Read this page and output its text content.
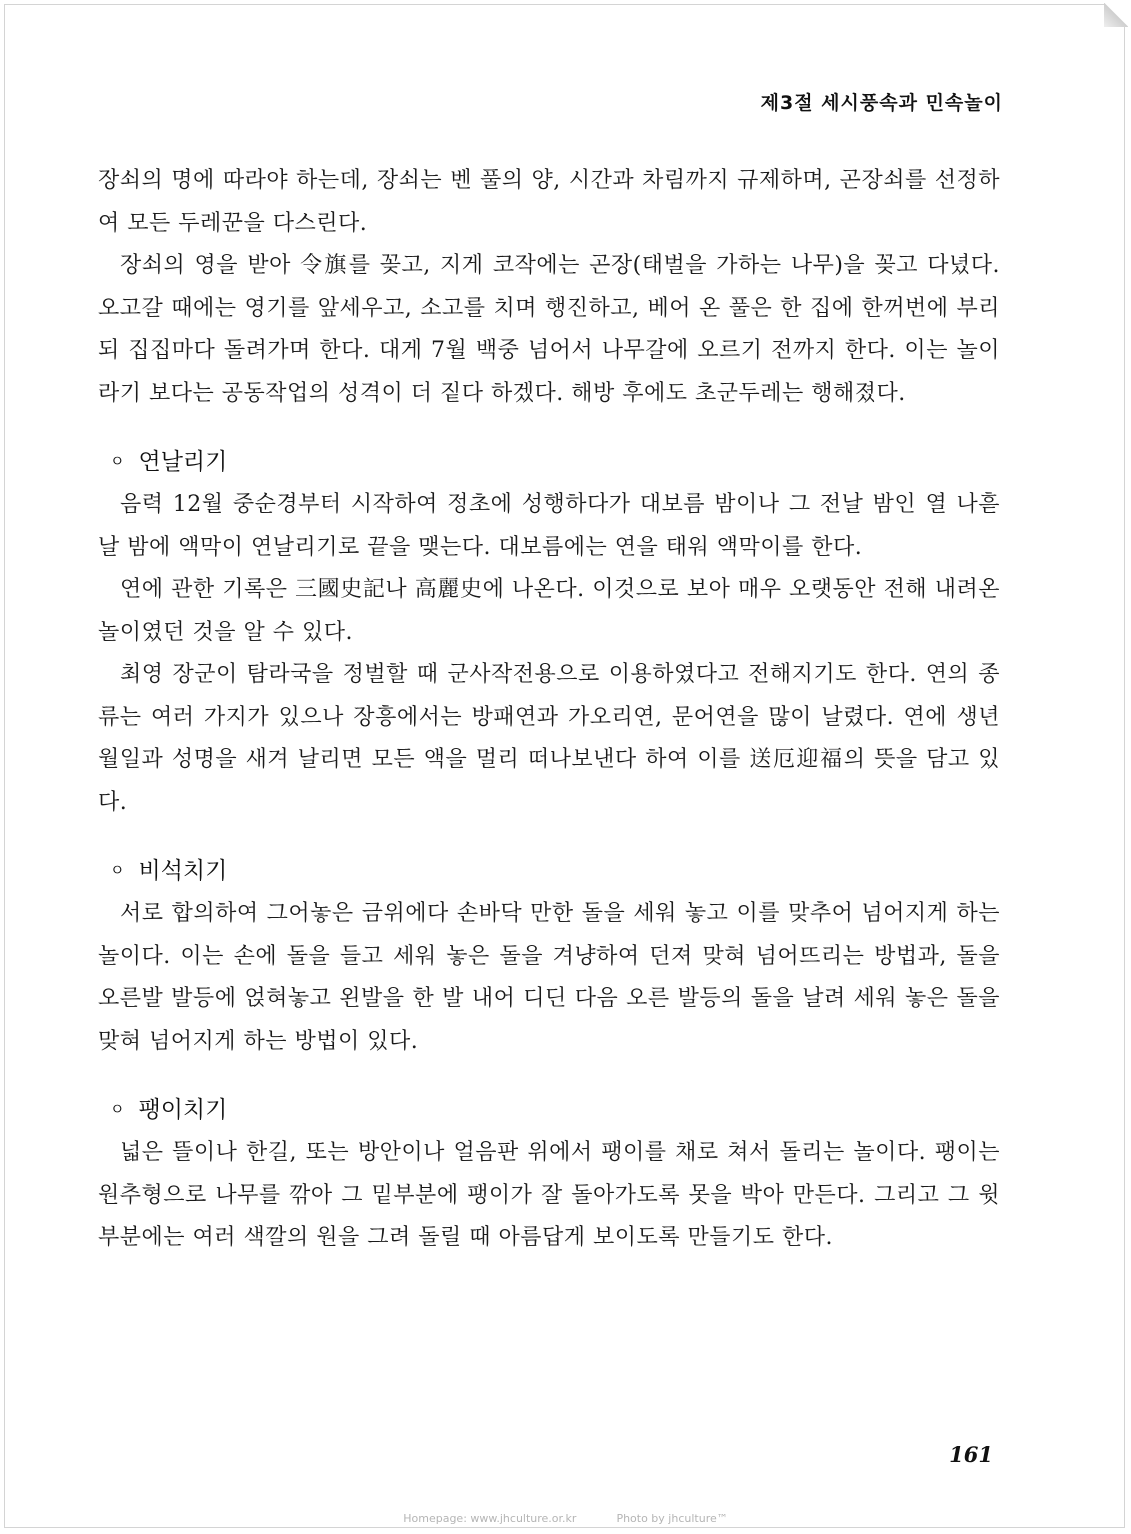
제3절 세시풍속과 민속놀이

장쇠의 명에 따라야 하는데, 장쇠는 벤 풀의 양, 시간과 차림까지 규제하며, 곤장쇠를 선정하여 모든 두레꾼을 다스린다.

장쇠의 영을 받아 令旗를 꽂고, 지게 코작에는 곤장(태벌을 가하는 나무)을 꽂고 다녔다. 오고갈 때에는 영기를 앞세우고, 소고를 치며 행진하고, 베어 온 풀은 한 집에 한꺼번에 부리되 집집마다 돌려가며 한다. 대게 7월 백중 넘어서 나무갈에 오르기 전까지 한다. 이는 놀이라기 보다는 공동작업의 성격이 더 짙다 하겠다. 해방 후에도 초군두레는 행해졌다.

ㅇ 연날리기

음력 12월 중순경부터 시작하여 정초에 성행하다가 대보름 밤이나 그 전날 밤인 열 나흗날 밤에 액막이 연날리기로 끝을 맺는다. 대보름에는 연을 태워 액막이를 한다.

연에 관한 기록은 三國史記나 高麗史에 나온다. 이것으로 보아 매우 오랫동안 전해 내려온 놀이였던 것을 알 수 있다.

최영 장군이 탐라국을 정벌할 때 군사작전용으로 이용하였다고 전해지기도 한다. 연의 종류는 여러 가지가 있으나 장흥에서는 방패연과 가오리연, 문어연을 많이 날렸다. 연에 생년월일과 성명을 새겨 날리면 모든 액을 멀리 떠나보낸다 하여 이를 送厄迎福의 뜻을 담고 있다.

ㅇ 비석치기

서로 합의하여 그어놓은 금위에다 손바닥 만한 돌을 세워 놓고 이를 맞추어 넘어지게 하는 놀이다. 이는 손에 돌을 들고 세워 놓은 돌을 겨냥하여 던져 맞혀 넘어뜨리는 방법과, 돌을 오른발 발등에 얹혀놓고 왼발을 한 발 내어 디딘 다음 오른 발등의 돌을 날려 세워 놓은 돌을 맞혀 넘어지게 하는 방법이 있다.

ㅇ 팽이치기

넓은 뜰이나 한길, 또는 방안이나 얼음판 위에서 팽이를 채로 쳐서 돌리는 놀이다. 팽이는 원추형으로 나무를 깎아 그 밑부분에 팽이가 잘 돌아가도록 못을 박아 만든다. 그리고 그 윗부분에는 여러 색깔의 원을 그려 돌릴 때 아름답게 보이도록 만들기도 한다.

161
Homepage: www.jhculture.or.kr	Photo by jhculture™
